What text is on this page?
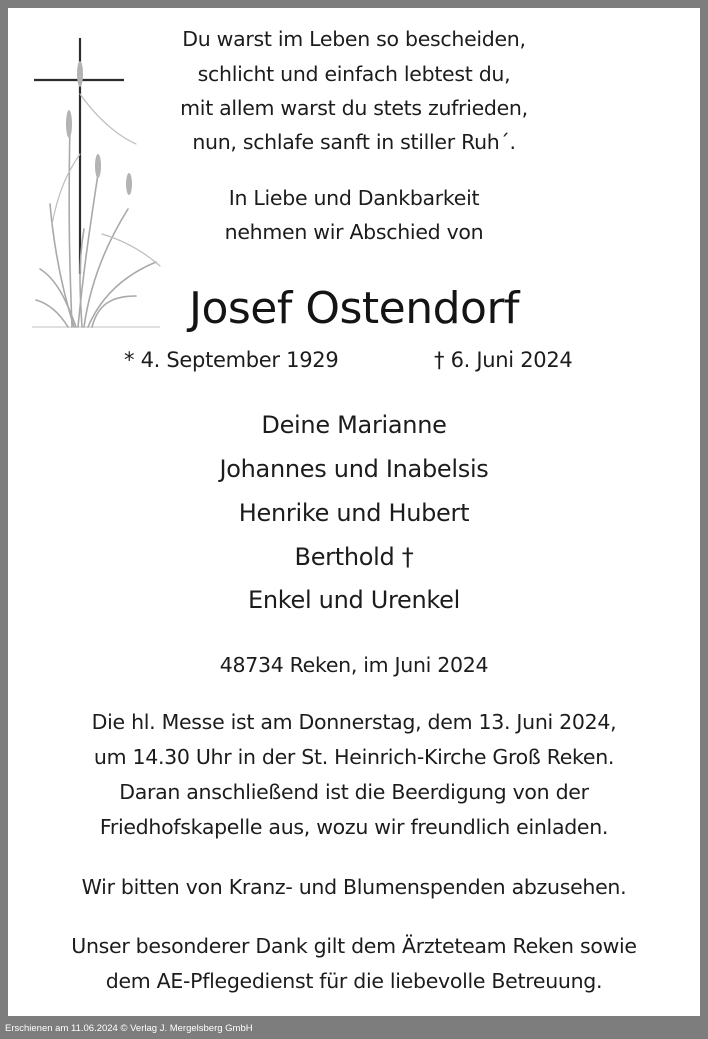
Du warst im Leben so bescheiden,
schlicht und einfach lebtest du,
mit allem warst du stets zufrieden,
nun, schlafe sanft in stiller Ruh´.
In Liebe und Dankbarkeit
nehmen wir Abschied von
Josef Ostendorf
* 4. September 1929	† 6. Juni 2024
Deine Marianne
Johannes und Inabelsis
Henrike und Hubert
Berthold †
Enkel und Urenkel
48734 Reken, im Juni 2024
Die hl. Messe ist am Donnerstag, dem 13. Juni 2024,
um 14.30 Uhr in der St. Heinrich-Kirche Groß Reken.
Daran anschließend ist die Beerdigung von der
Friedhofskapelle aus, wozu wir freundlich einladen.
Wir bitten von Kranz- und Blumenspenden abzusehen.
Unser besonderer Dank gilt dem Ärzteteam Reken sowie
dem AE-Pflegedienst für die liebevolle Betreuung.
Erschienen am 11.06.2024 © Verlag J. Mergelsberg GmbH
